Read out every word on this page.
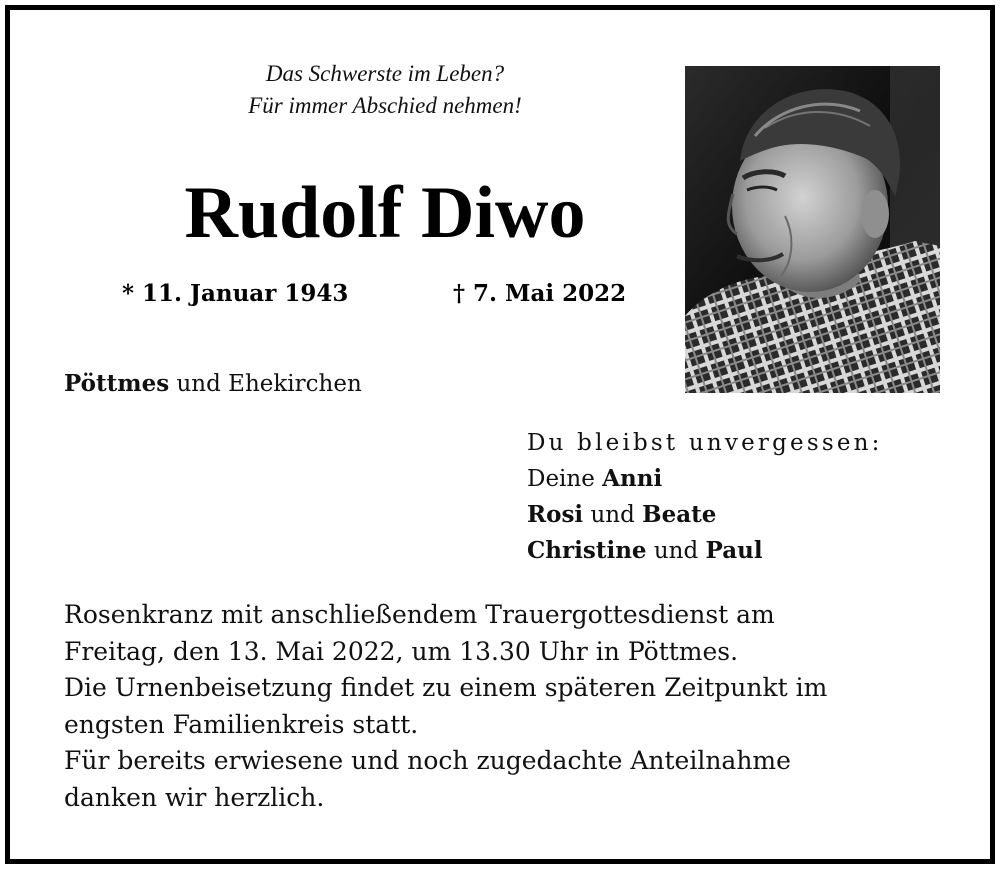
Das Schwerste im Leben?
Für immer Abschied nehmen!
Rudolf Diwo
* 11. Januar 1943	† 7. Mai 2022
Pöttmes und Ehekirchen
Du bleibst unvergessen:
Deine Anni
Rosi und Beate
Christine und Paul
Rosenkranz mit anschließendem Trauergottesdienst am
Freitag, den 13. Mai 2022, um 13.30 Uhr in Pöttmes.
Die Urnenbeisetzung findet zu einem späteren Zeitpunkt im
engsten Familienkreis statt.
Für bereits erwiesene und noch zugedachte Anteilnahme
danken wir herzlich.
